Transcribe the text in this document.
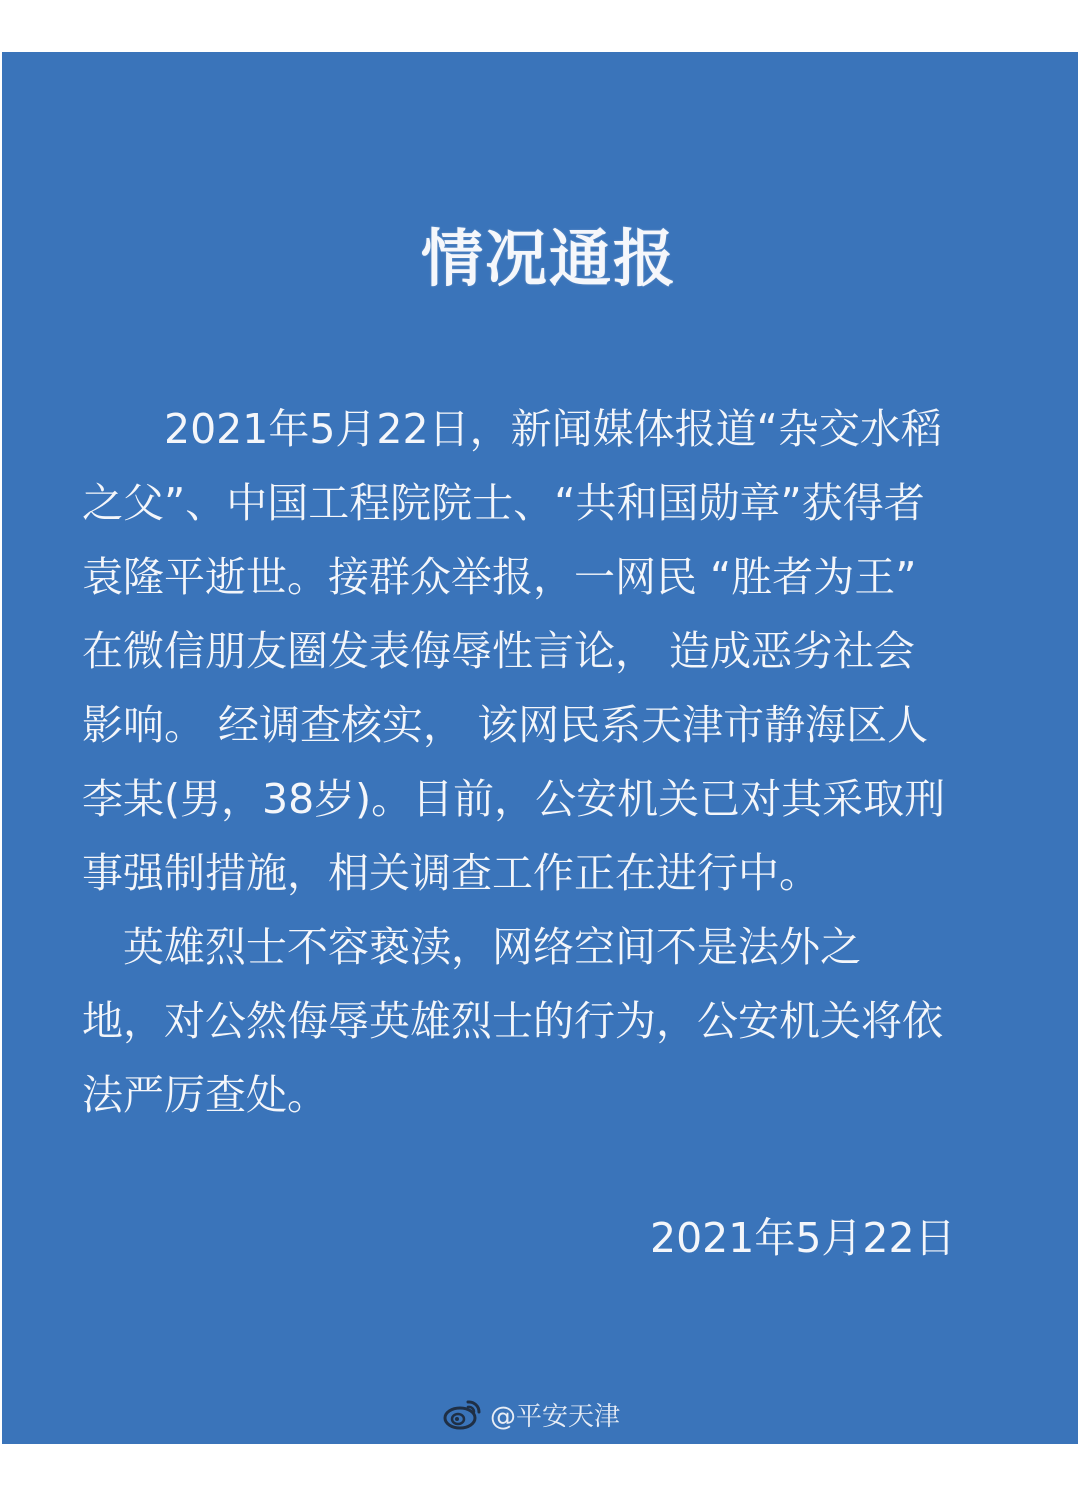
情况通报
　　2021年5月22日，新闻媒体报道“杂交水稻
之父”、中国工程院院士、“共和国勋章”获得者
袁隆平逝世。接群众举报，一网民 “胜者为王”
在微信朋友圈发表侮辱性言论， 造成恶劣社会
影响。 经调查核实， 该网民系天津市静海区人
李某(男，38岁)。目前，公安机关已对其采取刑
事强制措施，相关调查工作正在进行中。
　英雄烈士不容亵渎，网络空间不是法外之
地，对公然侮辱英雄烈士的行为，公安机关将依
法严厉查处。
2021年5月22日
@平安天津
